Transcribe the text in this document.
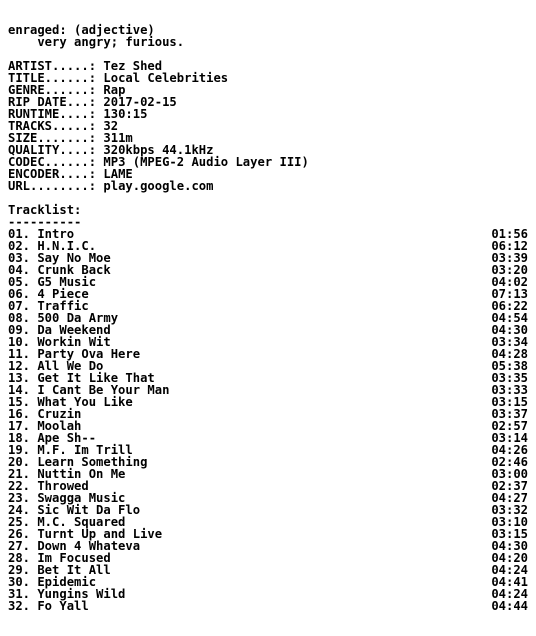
enraged: (adjective)
very angry; furious.
ARTIST.....: Tez Shed
TITLE......: Local Celebrities
GENRE......: Rap
RIP DATE...: 2017-02-15
RUNTIME....: 130:15
TRACKS.....: 32
SIZE.......: 311m
QUALITY....: 320kbps 44.1kHz
CODEC......: MP3 (MPEG-2 Audio Layer III)
ENCODER....: LAME
URL........: play.google.com
Tracklist:
----------
01. Intro	01:56
02. H.N.I.C.	06:12
03. Say No Moe	03:39
04. Crunk Back	03:20
05. G5 Music	04:02
06. 4 Piece	07:13
07. Traffic	06:22
08. 500 Da Army	04:54
09. Da Weekend	04:30
10. Workin Wit	03:34
11. Party Ova Here	04:28
12. All We Do	05:38
13. Get It Like That	03:35
14. I Cant Be Your Man	03:33
15. What You Like	03:15
16. Cruzin	03:37
17. Moolah	02:57
18. Ape Sh--	03:14
19. M.F. Im Trill	04:26
20. Learn Something	02:46
21. Nuttin On Me	03:00
22. Throwed	02:37
23. Swagga Music	04:27
24. Sic Wit Da Flo	03:32
25. M.C. Squared	03:10
26. Turnt Up and Live	03:15
27. Down 4 Whateva	04:30
28. Im Focused	04:20
29. Bet It All	04:24
30. Epidemic	04:41
31. Yungins Wild	04:24
32. Fo Yall	04:44
